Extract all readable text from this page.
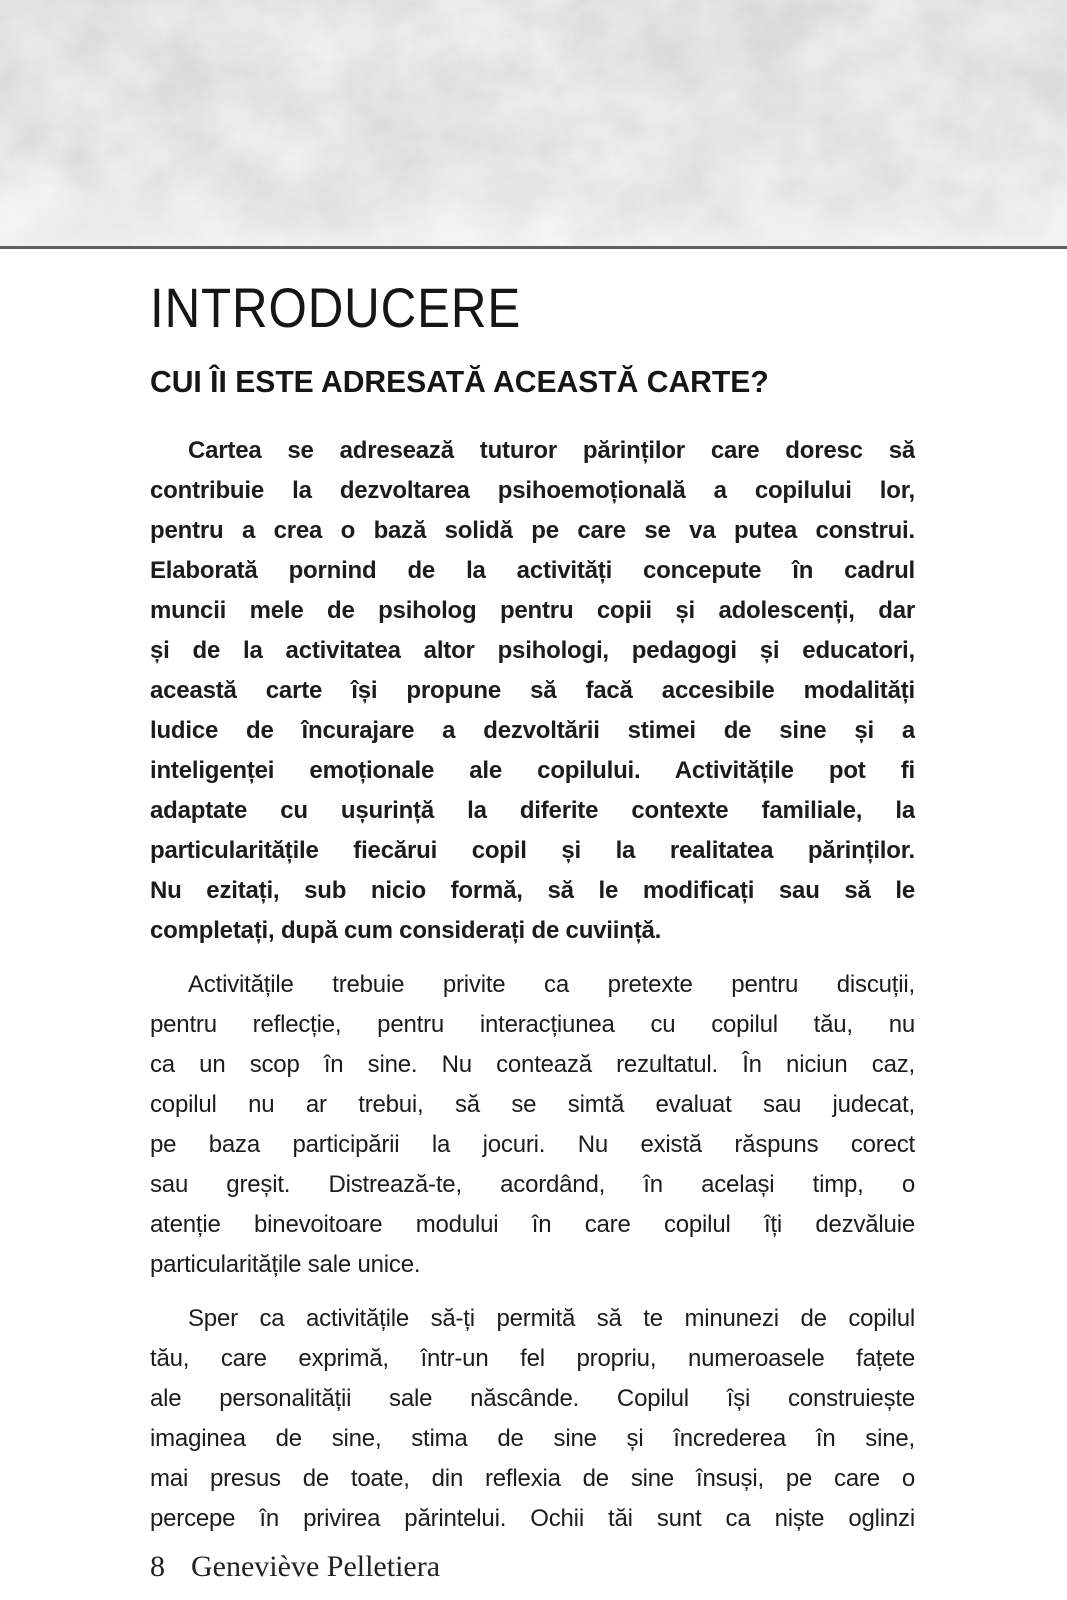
INTRODUCERE
CUI ÎI ESTE ADRESATĂ ACEASTĂ CARTE?
Cartea se adresează tuturor părinților care doresc să
contribuie la dezvoltarea psihoemoțională a copilului lor,
pentru a crea o bază solidă pe care se va putea construi.
Elaborată pornind de la activități concepute în cadrul
muncii mele de psiholog pentru copii și adolescenți, dar
și de la activitatea altor psihologi, pedagogi și educatori,
această carte își propune să facă accesibile modalități
ludice de încurajare a dezvoltării stimei de sine și a
inteligenței emoționale ale copilului. Activitățile pot fi
adaptate cu ușurință la diferite contexte familiale, la
particularitățile fiecărui copil și la realitatea părinților.
Nu ezitați, sub nicio formă, să le modificați sau să le
completați, după cum considerați de cuviință.
Activitățile trebuie privite ca pretexte pentru discuții,
pentru reflecție, pentru interacțiunea cu copilul tău, nu
ca un scop în sine. Nu contează rezultatul. În niciun caz,
copilul nu ar trebui, să se simtă evaluat sau judecat,
pe baza participării la jocuri. Nu există răspuns corect
sau greșit. Distrează-te, acordând, în același timp, o
atenție binevoitoare modului în care copilul îți dezvăluie
particularitățile sale unice.
Sper ca activitățile să-ți permită să te minunezi de copilul
tău, care exprimă, într-un fel propriu, numeroasele fațete
ale personalității sale născânde. Copilul își construiește
imaginea de sine, stima de sine și încrederea în sine,
mai presus de toate, din reflexia de sine însuși, pe care o
percepe în privirea părintelui. Ochii tăi sunt ca niște oglinzi
8 Geneviève Pelletiera
